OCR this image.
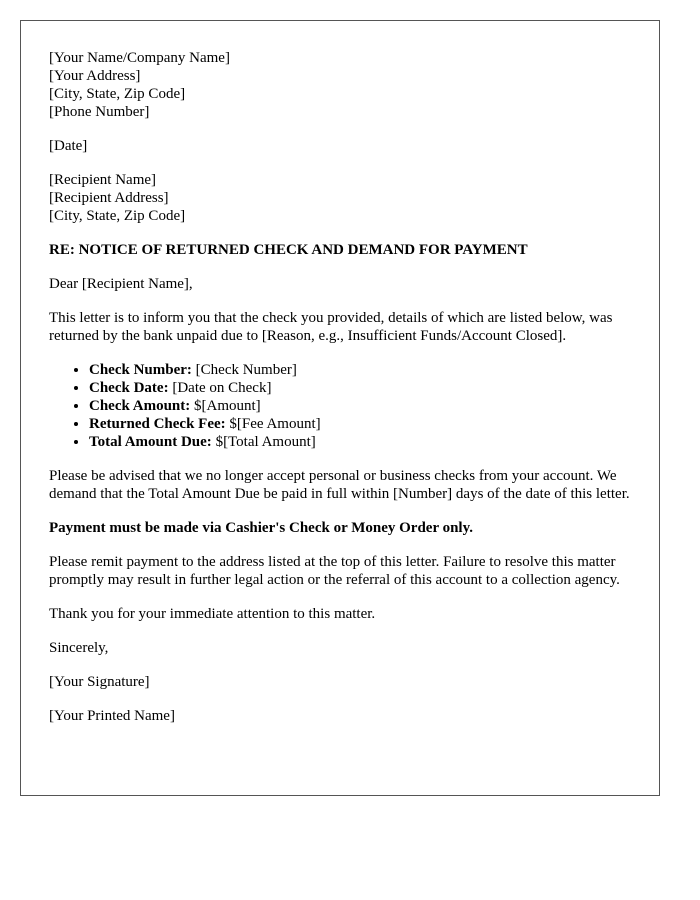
[Your Name/Company Name]
[Your Address]
[City, State, Zip Code]
[Phone Number]
[Date]
[Recipient Name]
[Recipient Address]
[City, State, Zip Code]
RE: NOTICE OF RETURNED CHECK AND DEMAND FOR PAYMENT

Dear [Recipient Name],

This letter is to inform you that the check you provided, details of which are listed below, was returned by the bank unpaid due to [Reason, e.g., Insufficient Funds/Account Closed].

• Check Number: [Check Number]
• Check Date: [Date on Check]
• Check Amount: $[Amount]
• Returned Check Fee: $[Fee Amount]
• Total Amount Due: $[Total Amount]

Please be advised that we no longer accept personal or business checks from your account. We demand that the Total Amount Due be paid in full within [Number] days of the date of this letter.

Payment must be made via Cashier's Check or Money Order only.

Please remit payment to the address listed at the top of this letter. Failure to resolve this matter promptly may result in further legal action or the referral of this account to a collection agency.

Thank you for your immediate attention to this matter.

Sincerely,

[Your Signature]

[Your Printed Name]
